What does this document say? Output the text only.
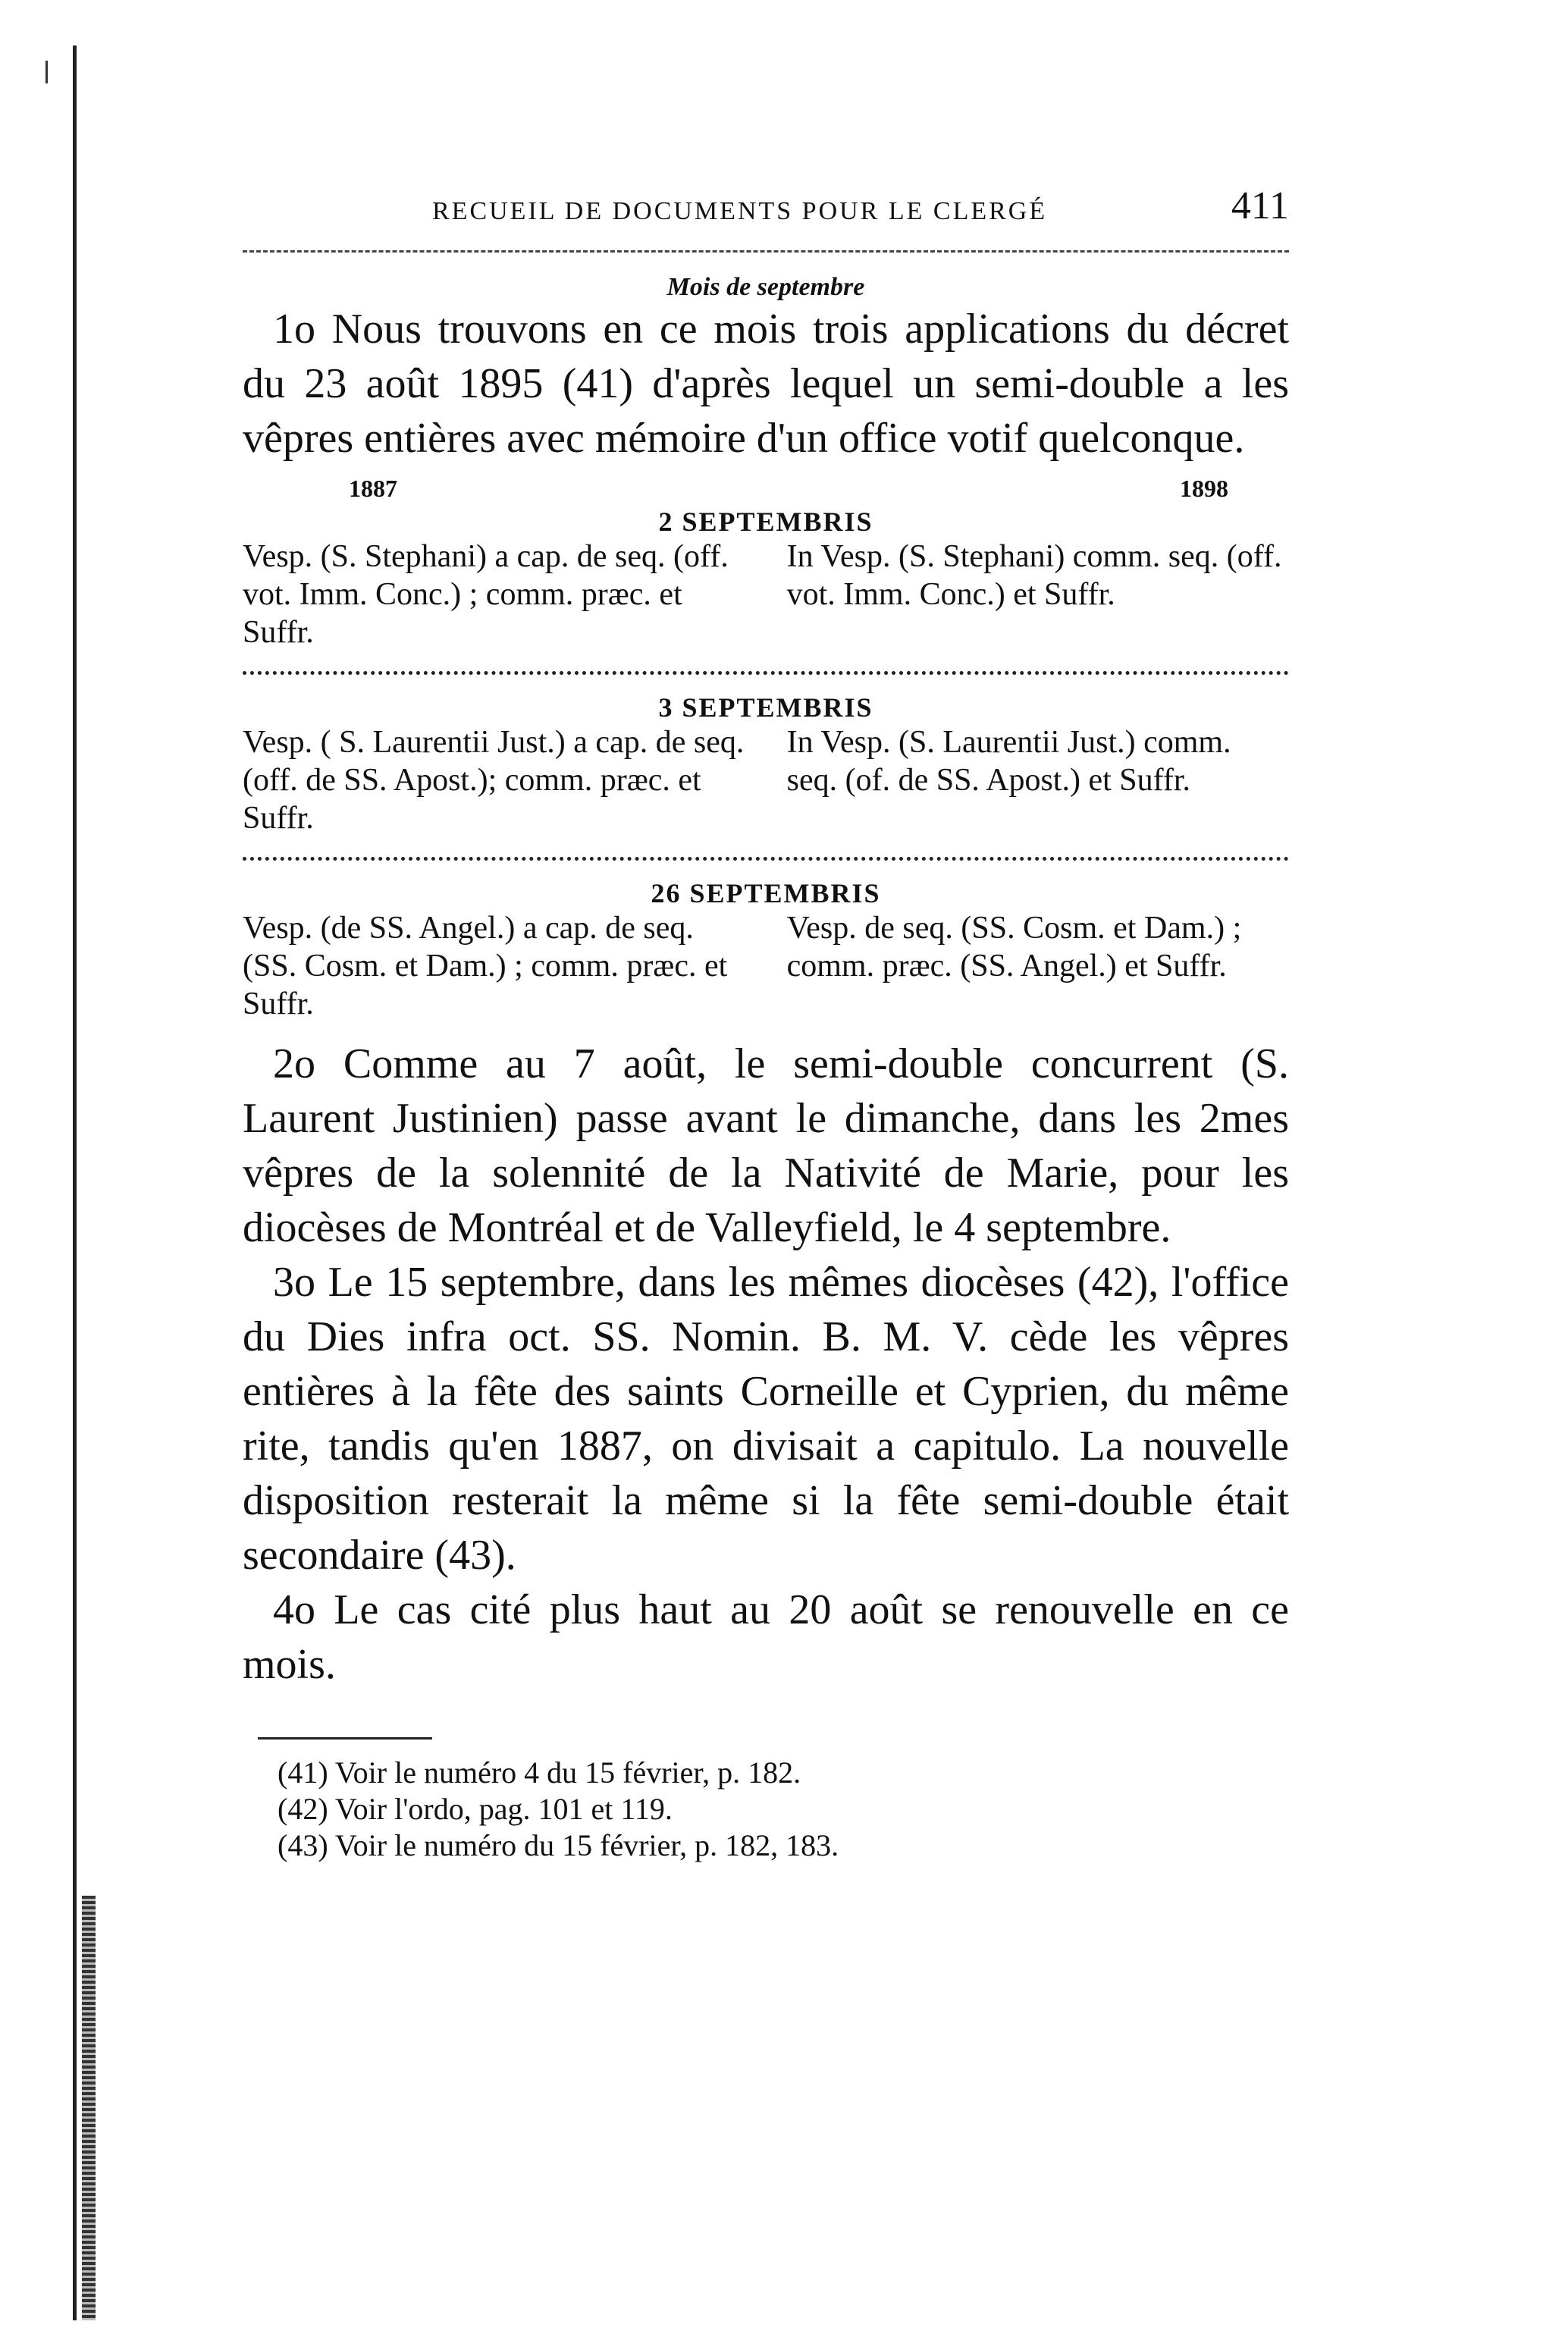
RECUEIL DE DOCUMENTS POUR LE CLERGÉ	411
Mois de septembre

1o Nous trouvons en ce mois trois applications du décret du 23 août 1895 (41) d'après lequel un semi-double a les vêpres entières avec mémoire d'un office votif quelconque.

1887	1898
2 SEPTEMBRIS
Vesp. (S. Stephani) a cap. de seq. (off. vot. Imm. Conc.) ; comm. præc. et Suffr.
In Vesp. (S. Stephani) comm. seq. (off. vot. Imm. Conc.) et Suffr.
3 SEPTEMBRIS
Vesp. ( S. Laurentii Just.) a cap. de seq. (off. de SS. Apost.); comm. præc. et Suffr.
In Vesp. (S. Laurentii Just.) comm. seq. (of. de SS. Apost.) et Suffr.
26 SEPTEMBRIS
Vesp. (de SS. Angel.) a cap. de seq. (SS. Cosm. et Dam.) ; comm. præc. et Suffr.
Vesp. de seq. (SS. Cosm. et Dam.) ; comm. præc. (SS. Angel.) et Suffr.

2o Comme au 7 août, le semi-double concurrent (S. Laurent Justinien) passe avant le dimanche, dans les 2mes vêpres de la solennité de la Nativité de Marie, pour les diocèses de Montréal et de Valleyfield, le 4 septembre.

3o Le 15 septembre, dans les mêmes diocèses (42), l'office du Dies infra oct. SS. Nomin. B. M. V. cède les vêpres entières à la fête des saints Corneille et Cyprien, du même rite, tandis qu'en 1887, on divisait a capitulo. La nouvelle disposition resterait la même si la fête semi-double était secondaire (43).

4o Le cas cité plus haut au 20 août se renouvelle en ce mois.

(41) Voir le numéro 4 du 15 février, p. 182.
(42) Voir l'ordo, pag. 101 et 119.
(43) Voir le numéro du 15 février, p. 182, 183.
